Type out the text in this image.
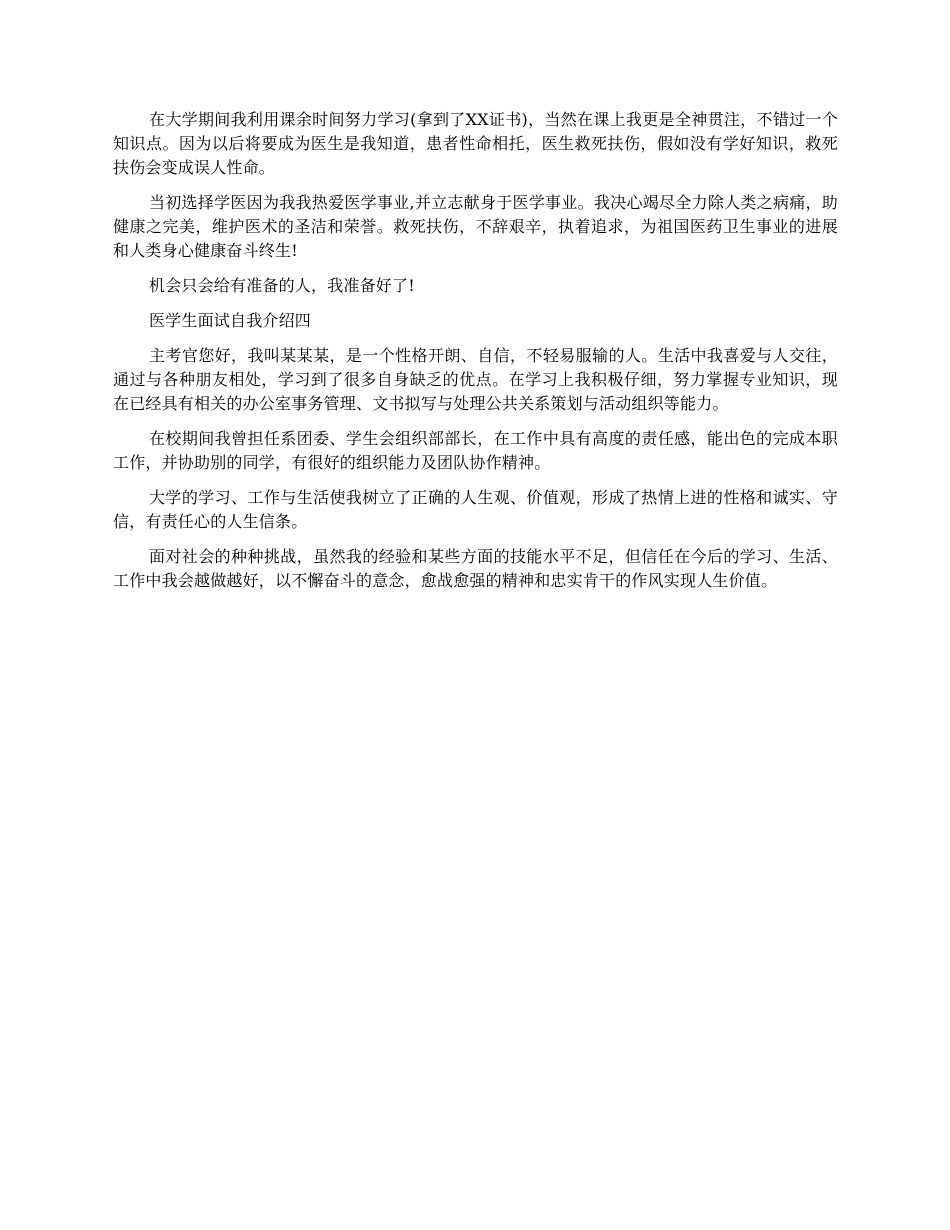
在大学期间我利用课余时间努力学习(拿到了XX证书)，当然在课上我更是全神贯注，不错过一个知识点。因为以后将要成为医生是我知道，患者性命相托，医生救死扶伤，假如没有学好知识，救死扶伤会变成误人性命。

当初选择学医因为我我热爱医学事业,并立志献身于医学事业。我决心竭尽全力除人类之病痛，助健康之完美，维护医术的圣洁和荣誉。救死扶伤，不辞艰辛，执着追求，为祖国医药卫生事业的进展和人类身心健康奋斗终生!

机会只会给有准备的人，我准备好了!

医学生面试自我介绍四

主考官您好，我叫某某某，是一个性格开朗、自信，不轻易服输的人。生活中我喜爱与人交往，通过与各种朋友相处，学习到了很多自身缺乏的优点。在学习上我积极仔细，努力掌握专业知识，现在已经具有相关的办公室事务管理、文书拟写与处理公共关系策划与活动组织等能力。

在校期间我曾担任系团委、学生会组织部部长，在工作中具有高度的责任感，能出色的完成本职工作，并协助别的同学，有很好的组织能力及团队协作精神。

大学的学习、工作与生活使我树立了正确的人生观、价值观，形成了热情上进的性格和诚实、守信，有责任心的人生信条。

面对社会的种种挑战，虽然我的经验和某些方面的技能水平不足，但信任在今后的学习、生活、工作中我会越做越好，以不懈奋斗的意念，愈战愈强的精神和忠实肯干的作风实现人生价值。
